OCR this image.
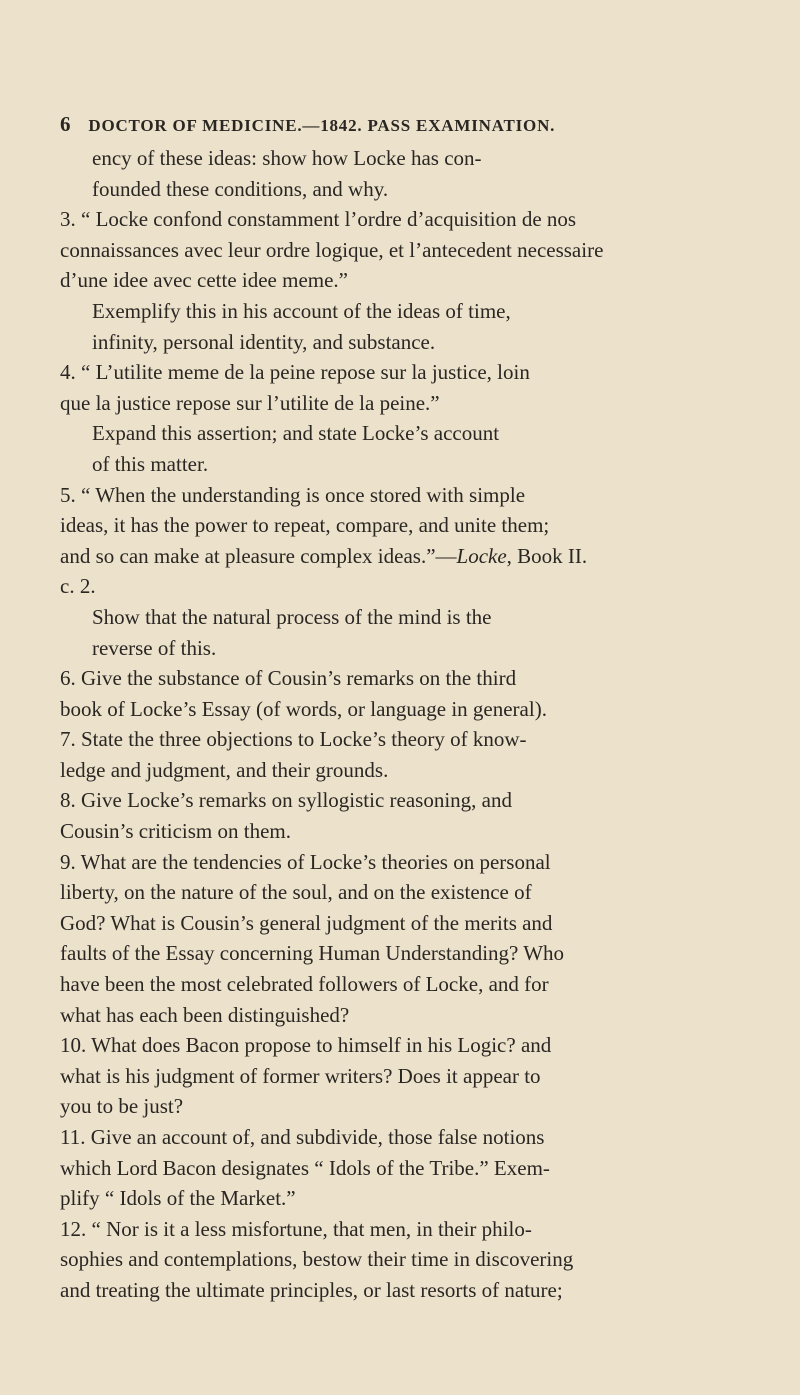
6 DOCTOR OF MEDICINE.—1842. PASS EXAMINATION.
ency of these ideas: show how Locke has con-
founded these conditions, and why.
3. “ Locke confond constamment l’ordre d’acquisition de nos
connaissances avec leur ordre logique, et l’antecedent necessaire
d’une idee avec cette idee meme.”
Exemplify this in his account of the ideas of time,
infinity, personal identity, and substance.
4. “ L’utilite meme de la peine repose sur la justice, loin
que la justice repose sur l’utilite de la peine.”
Expand this assertion; and state Locke’s account
of this matter.
5. “ When the understanding is once stored with simple
ideas, it has the power to repeat, compare, and unite them;
and so can make at pleasure complex ideas.”—Locke, Book II.
c. 2.
Show that the natural process of the mind is the
reverse of this.
6. Give the substance of Cousin’s remarks on the third
book of Locke’s Essay (of words, or language in general).
7. State the three objections to Locke’s theory of know-
ledge and judgment, and their grounds.
8. Give Locke’s remarks on syllogistic reasoning, and
Cousin’s criticism on them.
9. What are the tendencies of Locke’s theories on personal
liberty, on the nature of the soul, and on the existence of
God? What is Cousin’s general judgment of the merits and
faults of the Essay concerning Human Understanding? Who
have been the most celebrated followers of Locke, and for
what has each been distinguished?
10. What does Bacon propose to himself in his Logic? and
what is his judgment of former writers? Does it appear to
you to be just?
11. Give an account of, and subdivide, those false notions
which Lord Bacon designates “ Idols of the Tribe.” Exem-
plify “ Idols of the Market.”
12. “ Nor is it a less misfortune, that men, in their philo-
sophies and contemplations, bestow their time in discovering
and treating the ultimate principles, or last resorts of nature;
